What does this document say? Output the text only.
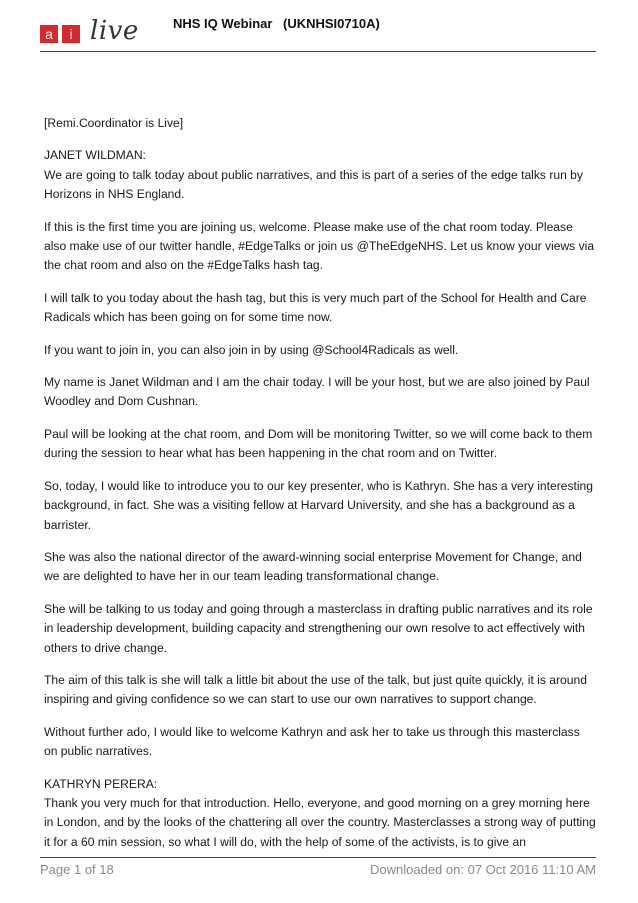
a	i live	NHS IQ Webinar (UKNHSI0710A)

[Remi.Coordinator is Live]

JANET WILDMAN:

We are going to talk today about public narratives, and this is part of a series of the edge talks run by Horizons in NHS England.

If this is the first time you are joining us, welcome. Please make use of the chat room today. Please also make use of our twitter handle, #EdgeTalks or join us @TheEdgeNHS. Let us know your views via the chat room and also on the #EdgeTalks hash tag.

I will talk to you today about the hash tag, but this is very much part of the School for Health and Care Radicals which has been going on for some time now.

If you want to join in, you can also join in by using @School4Radicals as well.

My name is Janet Wildman and I am the chair today. I will be your host, but we are also joined by Paul Woodley and Dom Cushnan.

Paul will be looking at the chat room, and Dom will be monitoring Twitter, so we will come back to them during the session to hear what has been happening in the chat room and on Twitter.

So, today, I would like to introduce you to our key presenter, who is Kathryn. She has a very interesting background, in fact. She was a visiting fellow at Harvard University, and she has a background as a barrister.

She was also the national director of the award-winning social enterprise Movement for Change, and we are delighted to have her in our team leading transformational change.

She will be talking to us today and going through a masterclass in drafting public narratives and its role in leadership development, building capacity and strengthening our own resolve to act effectively with others to drive change.

The aim of this talk is she will talk a little bit about the use of the talk, but just quite quickly, it is around inspiring and giving confidence so we can start to use our own narratives to support change.

Without further ado, I would like to welcome Kathryn and ask her to take us through this masterclass on public narratives.

KATHRYN PERERA:

Thank you very much for that introduction. Hello, everyone, and good morning on a grey morning here in London, and by the looks of the chattering all over the country. Masterclasses a strong way of putting it for a 60 min session, so what I will do, with the help of some of the activists, is to give an

Page 1 of 18	Downloaded on: 07 Oct 2016 11:10 AM
